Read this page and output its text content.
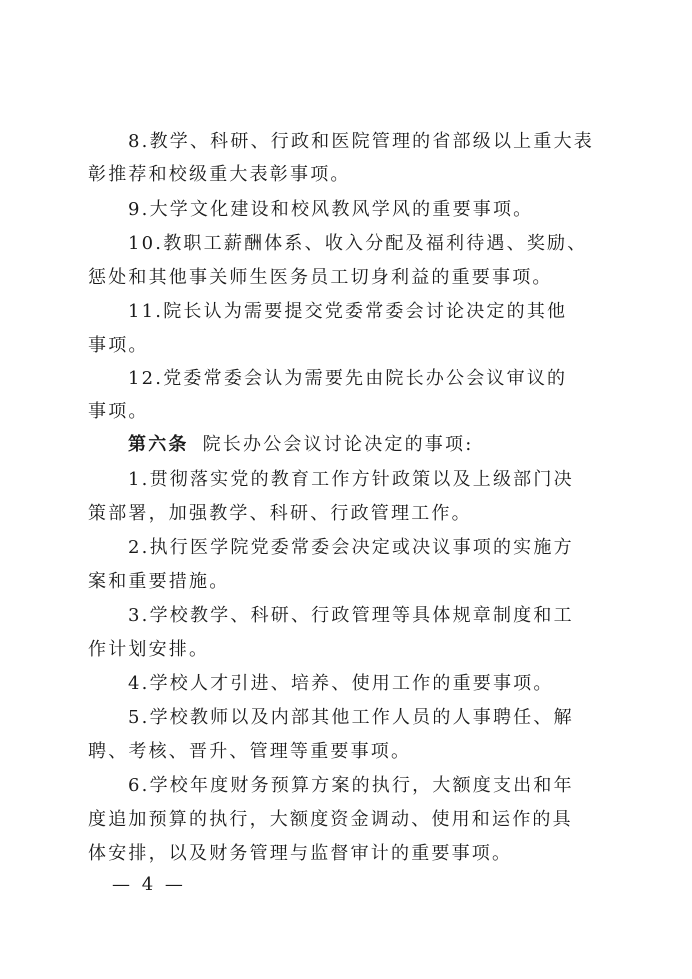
8.教学、科研、行政和医院管理的省部级以上重大表
彰推荐和校级重大表彰事项。
9.大学文化建设和校风教风学风的重要事项。
10.教职工薪酬体系、收入分配及福利待遇、奖励、
惩处和其他事关师生医务员工切身利益的重要事项。
11.院长认为需要提交党委常委会讨论决定的其他
事项。
12.党委常委会认为需要先由院长办公会议审议的
事项。
第六条 院长办公会议讨论决定的事项:
1.贯彻落实党的教育工作方针政策以及上级部门决
策部署，加强教学、科研、行政管理工作。
2.执行医学院党委常委会决定或决议事项的实施方
案和重要措施。
3.学校教学、科研、行政管理等具体规章制度和工
作计划安排。
4.学校人才引进、培养、使用工作的重要事项。
5.学校教师以及内部其他工作人员的人事聘任、解
聘、考核、晋升、管理等重要事项。
6.学校年度财务预算方案的执行，大额度支出和年
度追加预算的执行，大额度资金调动、使用和运作的具
体安排，以及财务管理与监督审计的重要事项。
— 4 —
